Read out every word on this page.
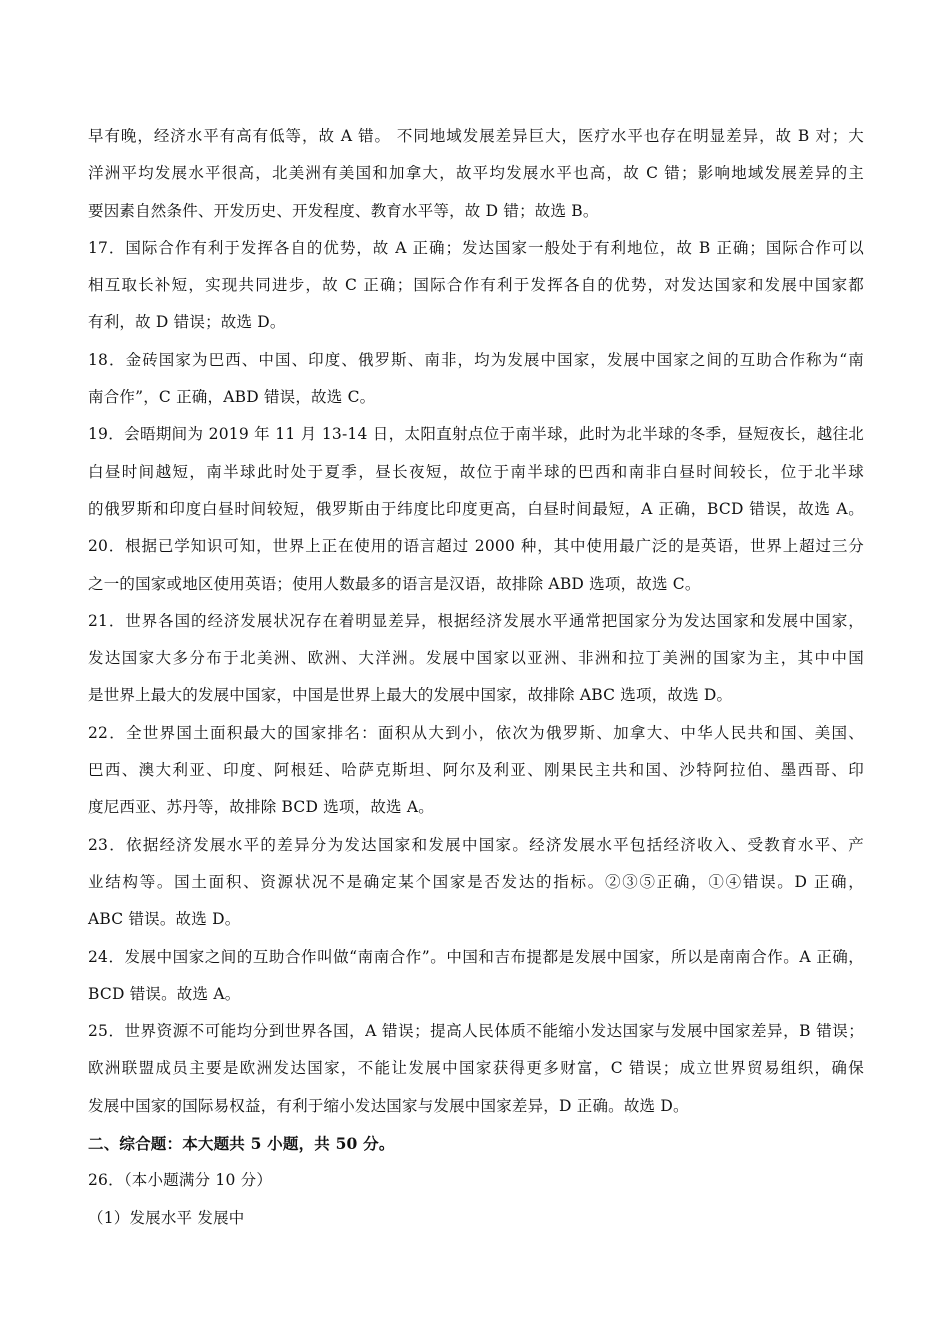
早有晚，经济水平有高有低等，故 A 错。 不同地域发展差异巨大，医疗水平也存在明显差异，故 B 对；大
洋洲平均发展水平很高，北美洲有美国和加拿大，故平均发展水平也高，故 C 错；影响地域发展差异的主
要因素自然条件、开发历史、开发程度、教育水平等，故 D 错；故选 B。
17．国际合作有利于发挥各自的优势，故 A 正确；发达国家一般处于有利地位，故 B 正确；国际合作可以
相互取长补短，实现共同进步，故 C 正确；国际合作有利于发挥各自的优势，对发达国家和发展中国家都
有利，故 D 错误；故选 D。
18．金砖国家为巴西、中国、印度、俄罗斯、南非，均为发展中国家，发展中国家之间的互助合作称为“南
南合作”，C 正确，ABD 错误，故选 C。
19．会晤期间为 2019 年 11 月 13-14 日，太阳直射点位于南半球，此时为北半球的冬季，昼短夜长，越往北
白昼时间越短，南半球此时处于夏季，昼长夜短，故位于南半球的巴西和南非白昼时间较长，位于北半球
的俄罗斯和印度白昼时间较短，俄罗斯由于纬度比印度更高，白昼时间最短，A 正确，BCD 错误，故选 A。
20．根据已学知识可知，世界上正在使用的语言超过 2000 种，其中使用最广泛的是英语，世界上超过三分
之一的国家或地区使用英语；使用人数最多的语言是汉语，故排除 ABD 选项，故选 C。
21．世界各国的经济发展状况存在着明显差异，根据经济发展水平通常把国家分为发达国家和发展中国家，
发达国家大多分布于北美洲、欧洲、大洋洲。发展中国家以亚洲、非洲和拉丁美洲的国家为主，其中中国
是世界上最大的发展中国家，中国是世界上最大的发展中国家，故排除 ABC 选项，故选 D。
22．全世界国土面积最大的国家排名：面积从大到小，依次为俄罗斯、加拿大、中华人民共和国、美国、
巴西、澳大利亚、印度、阿根廷、哈萨克斯坦、阿尔及利亚、刚果民主共和国、沙特阿拉伯、墨西哥、印
度尼西亚、苏丹等，故排除 BCD 选项，故选 A。
23．依据经济发展水平的差异分为发达国家和发展中国家。经济发展水平包括经济收入、受教育水平、产
业结构等。国土面积、资源状况不是确定某个国家是否发达的指标。②③⑤正确，①④错误。D 正确，
ABC 错误。故选 D。
24．发展中国家之间的互助合作叫做“南南合作”。中国和吉布提都是发展中国家，所以是南南合作。A 正确，
BCD 错误。故选 A。
25．世界资源不可能均分到世界各国，A 错误；提高人民体质不能缩小发达国家与发展中国家差异，B 错误；
欧洲联盟成员主要是欧洲发达国家，不能让发展中国家获得更多财富，C 错误；成立世界贸易组织，确保
发展中国家的国际易权益，有利于缩小发达国家与发展中国家差异，D 正确。故选 D。
二、综合题：本大题共 5 小题，共 50 分。
26．（本小题满分 10 分）
（1）发展水平 发展中
